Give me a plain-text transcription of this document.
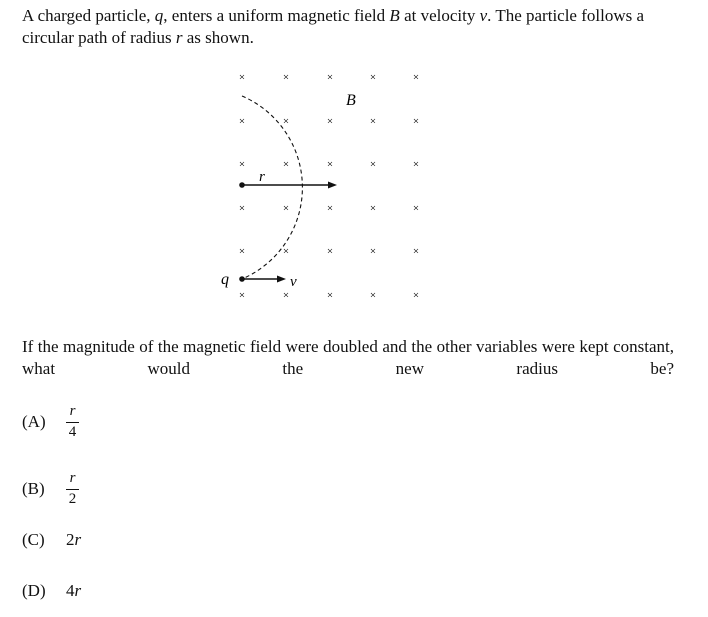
A charged particle, q, enters a uniform magnetic field B at velocity v. The particle follows a circular path of radius r as shown.
×	×	×	×	×
×	×	×	×	×
×	×	×	×	×
×	×	×	×	×
×	×	×	×	×
×	×	×	×	×
B
r
v
q
If the magnitude of the magnetic field were doubled and the other variables were kept constant, what would the new radius be?
(A)	$\frac{r}{4}$
(B)	$\frac{r}{2}$
(C)	2 r
(D)	4 r
